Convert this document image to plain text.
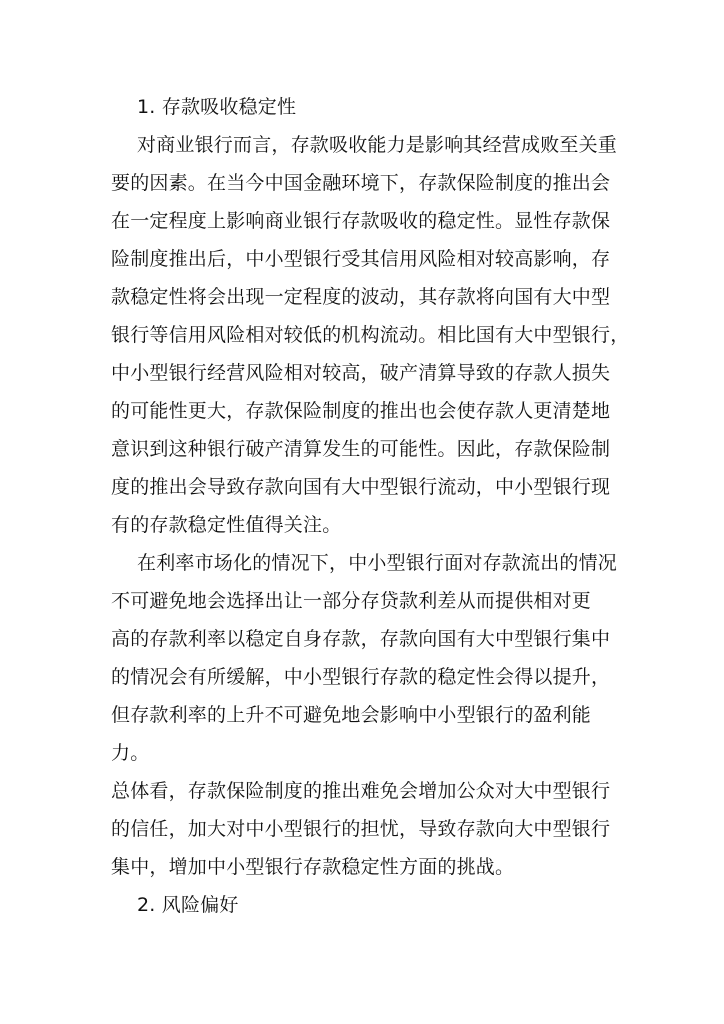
1. 存款吸收稳定性
对商业银行而言，存款吸收能力是影响其经营成败至关重
要的因素。在当今中国金融环境下，存款保险制度的推出会
在一定程度上影响商业银行存款吸收的稳定性。显性存款保
险制度推出后，中小型银行受其信用风险相对较高影响，存
款稳定性将会出现一定程度的波动，其存款将向国有大中型
银行等信用风险相对较低的机构流动。相比国有大中型银行，
中小型银行经营风险相对较高，破产清算导致的存款人损失
的可能性更大，存款保险制度的推出也会使存款人更清楚地
意识到这种银行破产清算发生的可能性。因此，存款保险制
度的推出会导致存款向国有大中型银行流动，中小型银行现
有的存款稳定性值得关注。
在利率市场化的情况下，中小型银行面对存款流出的情况
不可避免地会选择出让一部分存贷款利差从而提供相对更
高的存款利率以稳定自身存款，存款向国有大中型银行集中
的情况会有所缓解，中小型银行存款的稳定性会得以提升，
但存款利率的上升不可避免地会影响中小型银行的盈利能
力。
总体看，存款保险制度的推出难免会增加公众对大中型银行
的信任，加大对中小型银行的担忧，导致存款向大中型银行
集中，增加中小型银行存款稳定性方面的挑战。
2. 风险偏好
